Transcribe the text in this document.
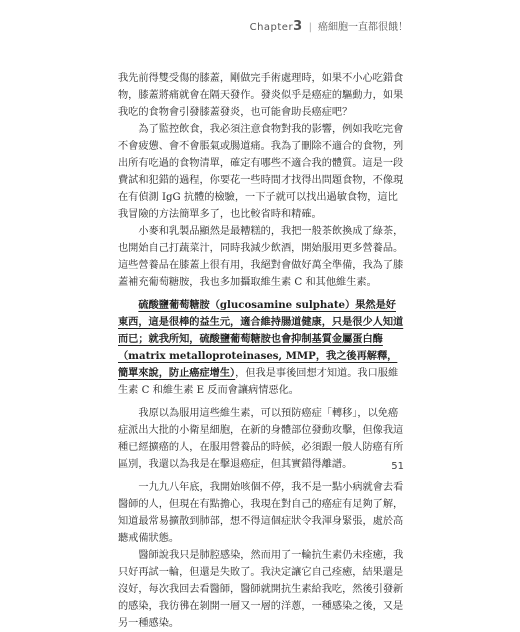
Chapter3 | 癌細胞一直都很餓！

我先前得雙受傷的膝蓋，剛做完手術處理時，如果不小心吃錯食物，膝蓋將痛就會在隔天發作。發炎似乎是癌症的驅動力，如果我吃的食物會引發膝蓋發炎，也可能會助長癌症吧？

為了監控飲食，我必須注意食物對我的影響，例如我吃完會不會疲憊、會不會脹氣或腸道痛。我為了刪除不適合的食物，列出所有吃過的食物清單，確定有哪些不適合我的體質。這是一段費試和犯錯的過程，你要花一些時間才找得出問題食物，不像現在有偵測 IgG 抗體的檢驗，一下子就可以找出過敏食物，這比我冒險的方法簡單多了，也比較省時和精確。

小麥和乳製品顯然是最糟糕的，我把一般茶飲換成了綠茶，也開始自己打蔬菜汁，同時我減少飲酒，開始服用更多營養品。這些營養品在膝蓋上很有用，我絕對會做好萬全準備，我為了膝蓋補充葡萄糖胺，我也多加攝取維生素 C 和其他維生素。

硫酸鹽葡萄糖胺（glucosamine sulphate）果然是好東西，這是很棒的益生元，適合維持腸道健康，只是很少人知道而已；就我所知，硫酸鹽葡萄糖胺也會抑制基質金屬蛋白酶（matrix metalloproteinases, MMP，我之後再解釋，簡單來說，防止癌症增生），但我是事後回想才知道。我口服維生素 C 和維生素 E 反而會讓病情惡化。

我原以為服用這些維生素，可以預防癌症「轉移」，以免癌症派出大批的小衛星細胞，在新的身體部位發動攻擊，但像我這種已經擴癌的人，在服用營養品的時候，必須跟一般人防癌有所區別，我還以為我是在擊退癌症，但其實錯得離譜。

一九九八年底，我開始咳個不停，我不是一點小病就會去看醫師的人，但現在有點擔心，我現在對自己的癌症有足夠了解，知道最常易擴散到肺部，想不得這個症狀令我渾身緊張，處於高聽戒備狀態。

醫師說我只是肺腔感染，然而用了一輪抗生素仍未痊癒，我只好再試一輪，但還是失敗了。我決定讓它自己痊癒，結果還是沒好，每次我回去看醫師，醫師就開抗生素給我吃，然後引發新的感染，我彷彿在剝開一層又一層的洋蔥，一種感染之後，又是另一種感染。

51
